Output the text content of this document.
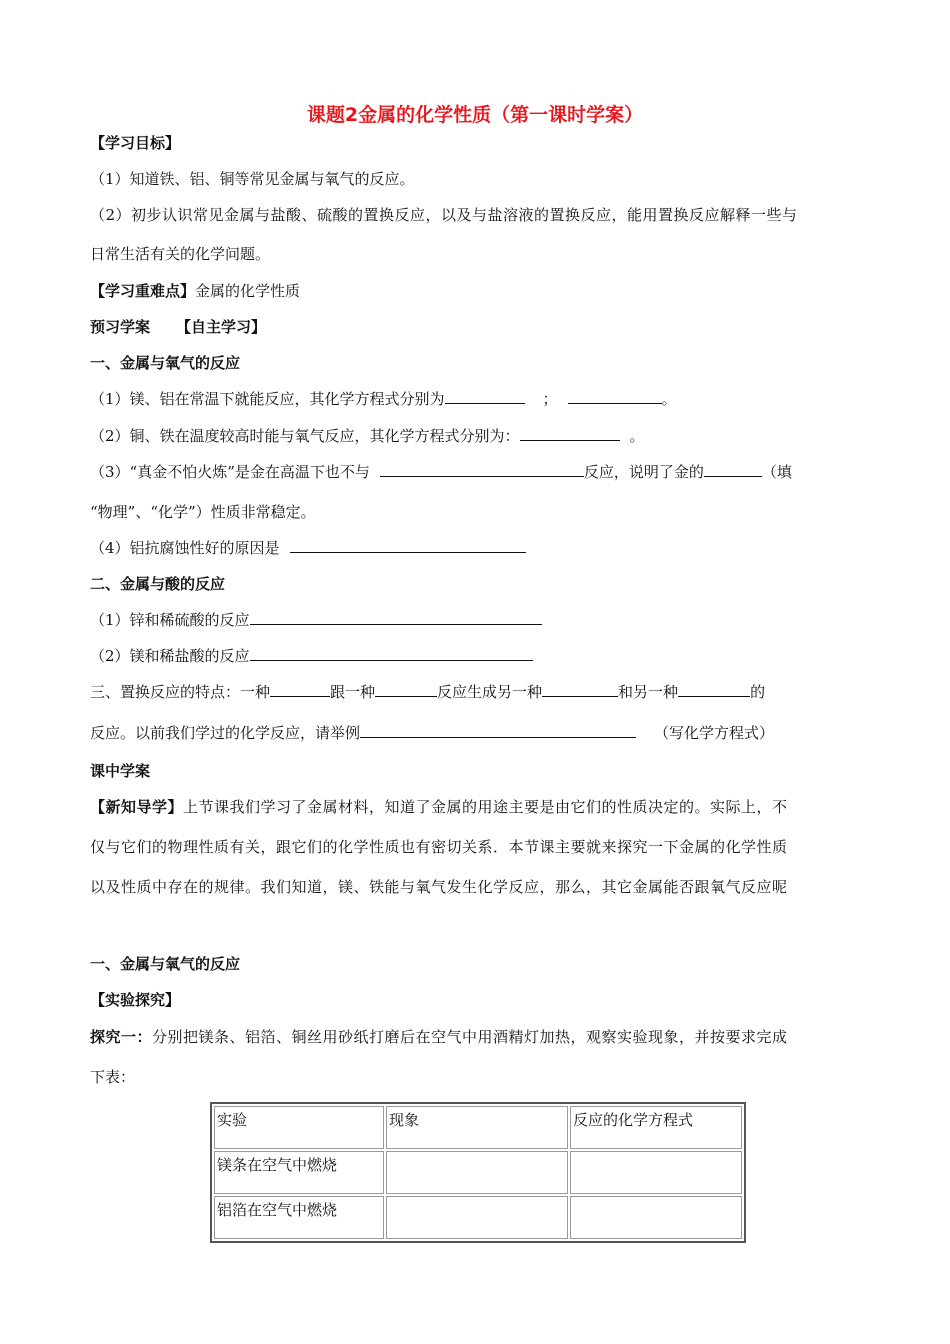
课题2金属的化学性质（第一课时学案）
【学习目标】
（1）知道铁、铝、铜等常见金属与氧气的反应。
（2）初步认识常见金属与盐酸、硫酸的置换反应，以及与盐溶液的置换反应，能用置换反应解释一些与
日常生活有关的化学问题。
【学习重难点】金属的化学性质
预习学案 【自主学习】
一、金属与氧气的反应
（1）镁、铝在常温下就能反应，其化学方程式分别为	；	。
（2）铜、铁在温度较高时能与氧气反应，其化学方程式分别为：	。
（3）“真金不怕火炼”是金在高温下也不与	反应，说明了金的	（填
“物理”、“化学”）性质非常稳定。
（4）铝抗腐蚀性好的原因是
二、金属与酸的反应
（1）锌和稀硫酸的反应
（2）镁和稀盐酸的反应
三、置换反应的特点：一种	跟一种	反应生成另一种	和另一种	的
反应。以前我们学过的化学反应，请举例	（写化学方程式）
课中学案
【新知导学】上节课我们学习了金属材料，知道了金属的用途主要是由它们的性质决定的。实际上，不
仅与它们的物理性质有关，跟它们的化学性质也有密切关系．本节课主要就来探究一下金属的化学性质
以及性质中存在的规律。我们知道，镁、铁能与氧气发生化学反应，那么，其它金属能否跟氧气反应呢
一、金属与氧气的反应
【实验探究】
探究一：分别把镁条、铝箔、铜丝用砂纸打磨后在空气中用酒精灯加热，观察实验现象，并按要求完成
下表：
实验	现象	反应的化学方程式
镁条在空气中燃烧		
铝箔在空气中燃烧		
